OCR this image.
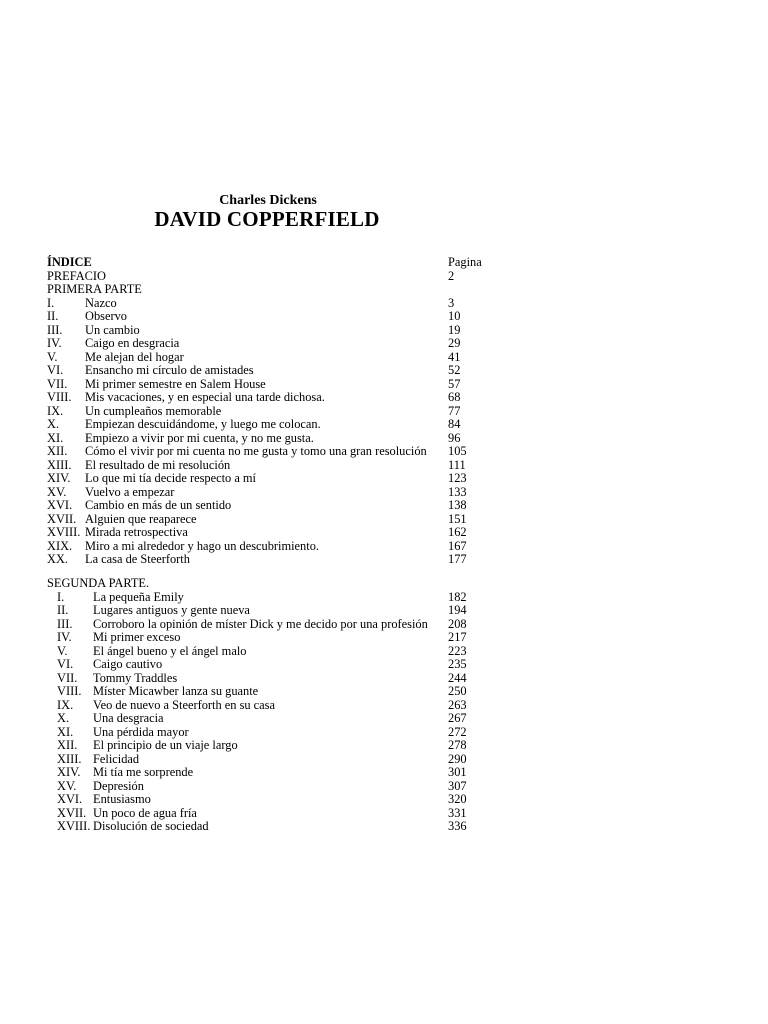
Charles Dickens
DAVID COPPERFIELD
ÍNDICE	Pagina
PREFACIO	2
PRIMERA PARTE
I. Nazco	3
II. Observo	10
III. Un cambio	19
IV. Caigo en desgracia	29
V. Me alejan del hogar	41
VI. Ensancho mi círculo de amistades	52
VII. Mi primer semestre en Salem House	57
VIII. Mis vacaciones, y en especial una tarde dichosa.	68
IX. Un cumpleaños memorable	77
X. Empiezan descuidándome, y luego me colocan.	84
XI. Empiezo a vivir por mi cuenta, y no me gusta.	96
XII. Cómo el vivir por mi cuenta no me gusta y tomo una gran resolución 105
XIII. El resultado de mi resolución	111
XIV. Lo que mi tía decide respecto a mí	123
XV. Vuelvo a empezar	133
XVI. Cambio en más de un sentido	138
XVII. Alguien que reaparece	151
XVIII. Mirada retrospectiva	162
XIX. Miro a mi alrededor y hago un descubrimiento.	167
XX. La casa de Steerforth	177
SEGUNDA PARTE.
I. La pequeña Emily	182
II. Lugares antiguos y gente nueva	194
III. Corroboro la opinión de míster Dick y me decido por una profesión 208
IV. Mi primer exceso	217
V. El ángel bueno y el ángel malo	223
VI. Caigo cautivo	235
VII. Tommy Traddles	244
VIII. Míster Micawber lanza su guante	250
IX. Veo de nuevo a Steerforth en su casa	263
X. Una desgracia	267
XI. Una pérdida mayor	272
XII. El principio de un viaje largo	278
XIII. Felicidad	290
XIV. Mi tía me sorprende	301
XV. Depresión	307
XVI. Entusiasmo	320
XVII. Un poco de agua fría	331
XVIII. Disolución de sociedad	336
